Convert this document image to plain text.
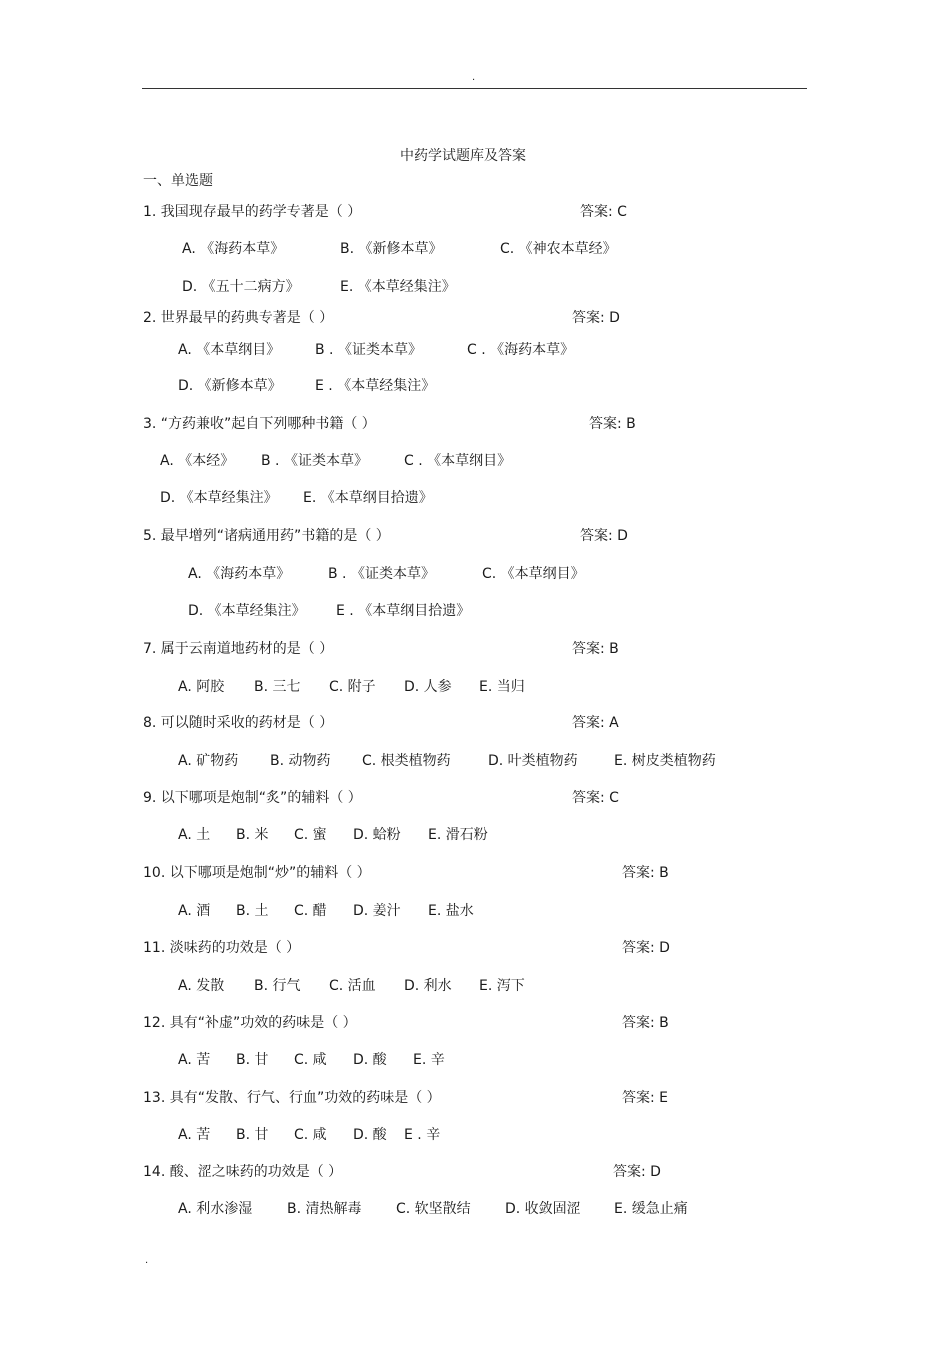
.
中药学试题库及答案
一、单选题
1. 我国现存最早的药学专著是（ ）	答案: C
A. 《海药本草》	B. 《新修本草》	C. 《神农本草经》
D. 《五十二病方》	E. 《本草经集注》
2. 世界最早的药典专著是（ ）	答案: D
A. 《本草纲目》 B . 《证类本草》	C . 《海药本草》
D. 《新修本草》 E . 《本草经集注》
3. “方药兼收”起自下列哪种书籍（ ）	答案: B
A. 《本经》 B . 《证类本草》	C . 《本草纲目》
D. 《本草经集注》 E. 《本草纲目拾遗》
5. 最早增列“诸病通用药”书籍的是（ ）	答案: D
A. 《海药本草》	B . 《证类本草》	C. 《本草纲目》
D. 《本草经集注》 E . 《本草纲目拾遗》
7. 属于云南道地药材的是（ ）	答案: B
A. 阿胶 B. 三七 C. 附子 D. 人参 E. 当归
8. 可以随时采收的药材是（ ）	答案: A
A. 矿物药 B. 动物药 C. 根类植物药	D. 叶类植物药	E. 树皮类植物药
9. 以下哪项是炮制“炙”的辅料（ ）	答案: C
A. 土 B. 米 C. 蜜 D. 蛤粉 E. 滑石粉
10. 以下哪项是炮制“炒”的辅料（ ）	答案: B
A. 酒 B. 土 C. 醋 D. 姜汁 E. 盐水
11. 淡味药的功效是（ ）	答案: D
A. 发散 B. 行气 C. 活血 D. 利水 E. 泻下
12. 具有“补虚”功效的药味是（ ）	答案: B
A. 苦 B. 甘 C. 咸 D. 酸 E. 辛
13. 具有“发散、行气、行血”功效的药味是（ ）	答案: E
A. 苦 B. 甘 C. 咸 D. 酸 E . 辛
14. 酸、涩之味药的功效是（ ）	答案: D
A. 利水渗湿 B. 清热解毒 C. 软坚散结 D. 收敛固涩 E. 缓急止痛
.
